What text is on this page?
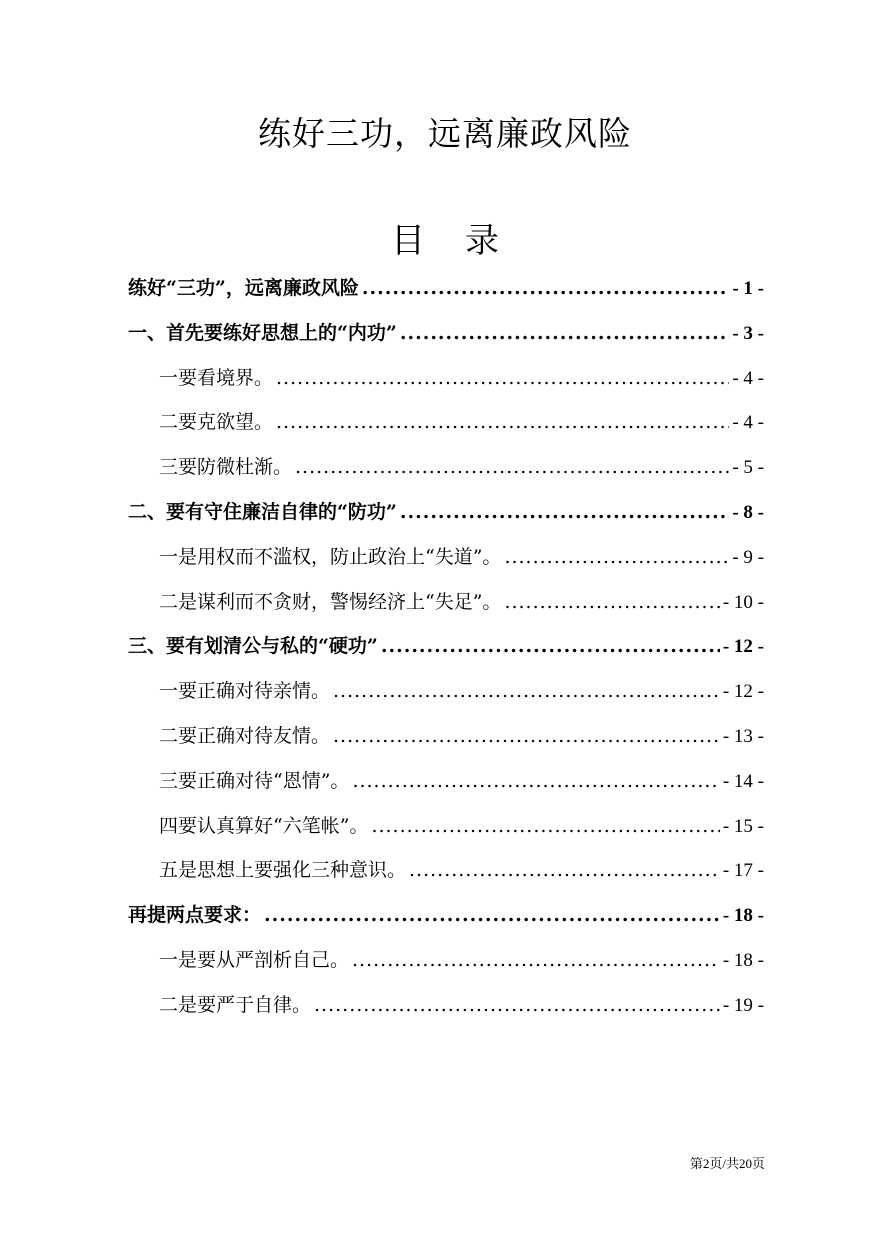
练好三功，远离廉政风险
目录
练好“三功”，远离廉政风险 .....	- 1 -
一、首先要练好思想上的“内功” .....	- 3 -
一要看境界。 .....	- 4 -
二要克欲望。 .....	- 4 -
三要防微杜渐。 .....	- 5 -
二、要有守住廉洁自律的“防功” .....	- 8 -
一是用权而不滥权，防止政治上“失道”。 .....	- 9 -
二是谋利而不贪财，警惕经济上“失足”。 .....	- 10 -
三、要有划清公与私的“硬功” .....	- 12 -
一要正确对待亲情。 .....	- 12 -
二要正确对待友情。 .....	- 13 -
三要正确对待“恩情”。 .....	- 14 -
四要认真算好“六笔帐”。 .....	- 15 -
五是思想上要强化三种意识。 .....	- 17 -
再提两点要求： .....	- 18 -
一是要从严剖析自己。 .....	- 18 -
二是要严于自律。 .....	- 19 -
第2页/共20页
